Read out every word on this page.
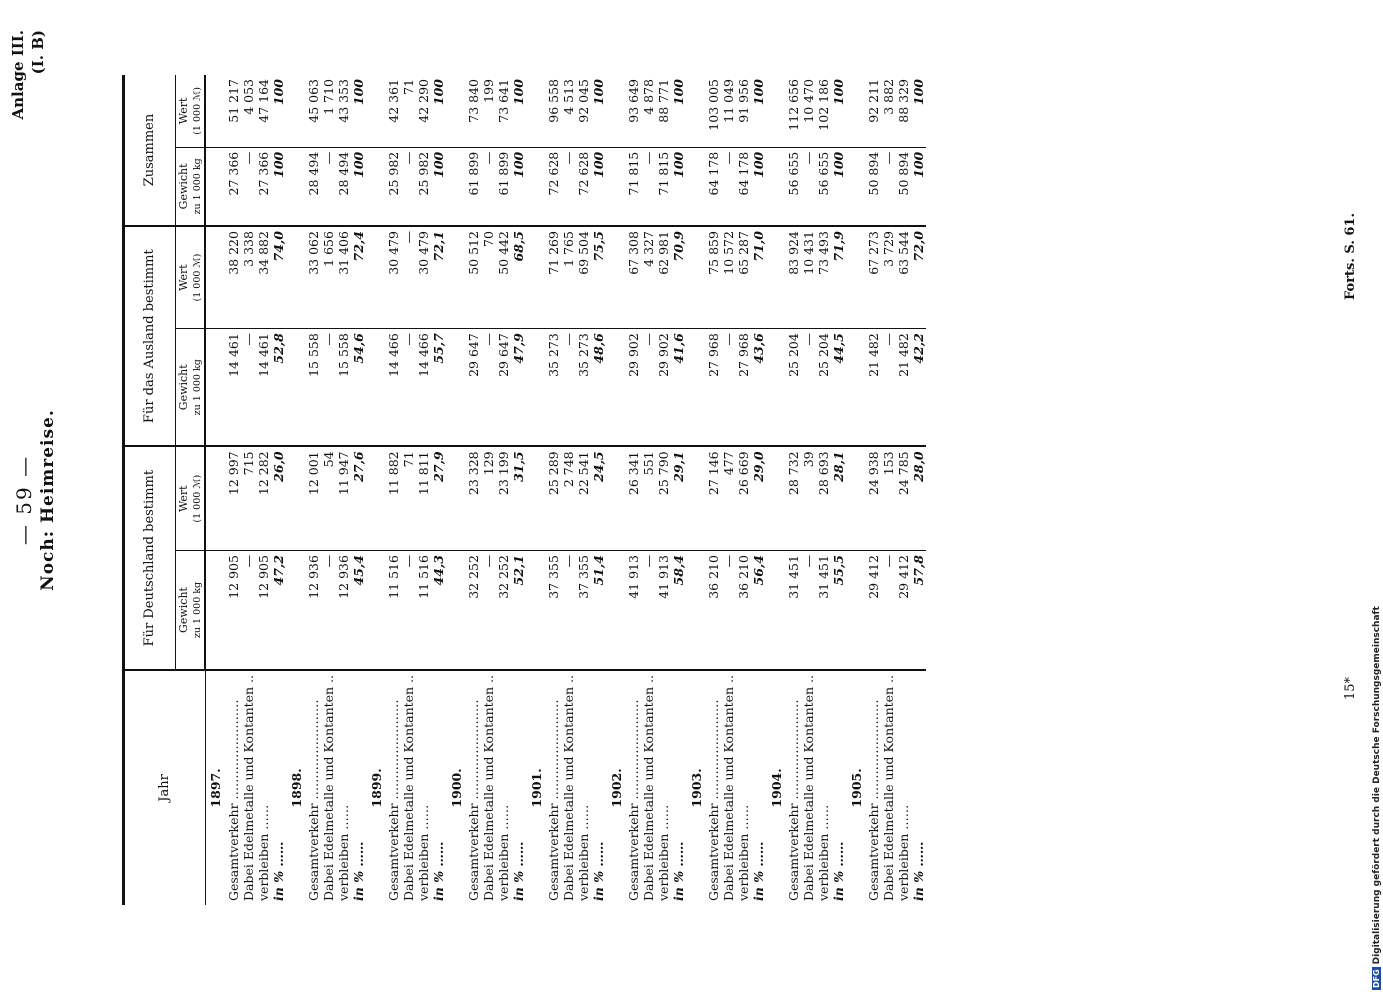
— 59 —
Anlage III. (I. B)
Noch: Heimreise.
Jahr	Für Deutschland bestimmt		Für das Ausland bestimmt		Zusammen	
	Gewicht zu 1 000 kg	Wert (1 000 ℳ)	Gewicht zu 1 000 kg	Wert (1 000 ℳ)	Gewicht zu 1 000 kg	Wert (1 000 ℳ)
1897.						
Gesamtverkehr ……………………	12 905	12 997	14 461	38 220	27 366	51 217
Dabei Edelmetalle und Kontanten ..	—	715	—	3 338	—	4 053
verbleiben ……	12 905	12 282	14 461	34 882	27 366	47 164
in % ……	47,2	26,0	52,8	74,0	100	100
1898.						
Gesamtverkehr ……………………	12 936	12 001	15 558	33 062	28 494	45 063
Dabei Edelmetalle und Kontanten ..	—	54	—	1 656	—	1 710
verbleiben ……	12 936	11 947	15 558	31 406	28 494	43 353
in % ……	45,4	27,6	54,6	72,4	100	100
1899.						
Gesamtverkehr ……………………	11 516	11 882	14 466	30 479	25 982	42 361
Dabei Edelmetalle und Kontanten ..	—	71	—	—	—	71
verbleiben ……	11 516	11 811	14 466	30 479	25 982	42 290
in % ……	44,3	27,9	55,7	72,1	100	100
1900.						
Gesamtverkehr ……………………	32 252	23 328	29 647	50 512	61 899	73 840
Dabei Edelmetalle und Kontanten ..	—	129	—	70	—	199
verbleiben ……	32 252	23 199	29 647	50 442	61 899	73 641
in % ……	52,1	31,5	47,9	68,5	100	100
1901.						
Gesamtverkehr ……………………	37 355	25 289	35 273	71 269	72 628	96 558
Dabei Edelmetalle und Kontanten ..	—	2 748	—	1 765	—	4 513
verbleiben ……	37 355	22 541	35 273	69 504	72 628	92 045
in % ……	51,4	24,5	48,6	75,5	100	100
1902.						
Gesamtverkehr ……………………	41 913	26 341	29 902	67 308	71 815	93 649
Dabei Edelmetalle und Kontanten ..	—	551	—	4 327	—	4 878
verbleiben ……	41 913	25 790	29 902	62 981	71 815	88 771
in % ……	58,4	29,1	41,6	70,9	100	100
1903.						
Gesamtverkehr ……………………	36 210	27 146	27 968	75 859	64 178	103 005
Dabei Edelmetalle und Kontanten ..	—	477	—	10 572	—	11 049
verbleiben ……	36 210	26 669	27 968	65 287	64 178	91 956
in % ……	56,4	29,0	43,6	71,0	100	100
1904.						
Gesamtverkehr ……………………	31 451	28 732	25 204	83 924	56 655	112 656
Dabei Edelmetalle und Kontanten ..	—	39	—	10 431	—	10 470
verbleiben ……	31 451	28 693	25 204	73 493	56 655	102 186
in % ……	55,5	28,1	44,5	71,9	100	100
1905.						
Gesamtverkehr ……………………	29 412	24 938	21 482	67 273	50 894	92 211
Dabei Edelmetalle und Kontanten ..	—	153	—	3 729	—	3 882
verbleiben ……	29 412	24 785	21 482	63 544	50 894	88 329
in % ……	57,8	28,0	42,2	72,0	100	100
15*
Forts. S. 61.
DFGDigitalisierung gefördert durch die Deutsche Forschungsgemeinschaft
